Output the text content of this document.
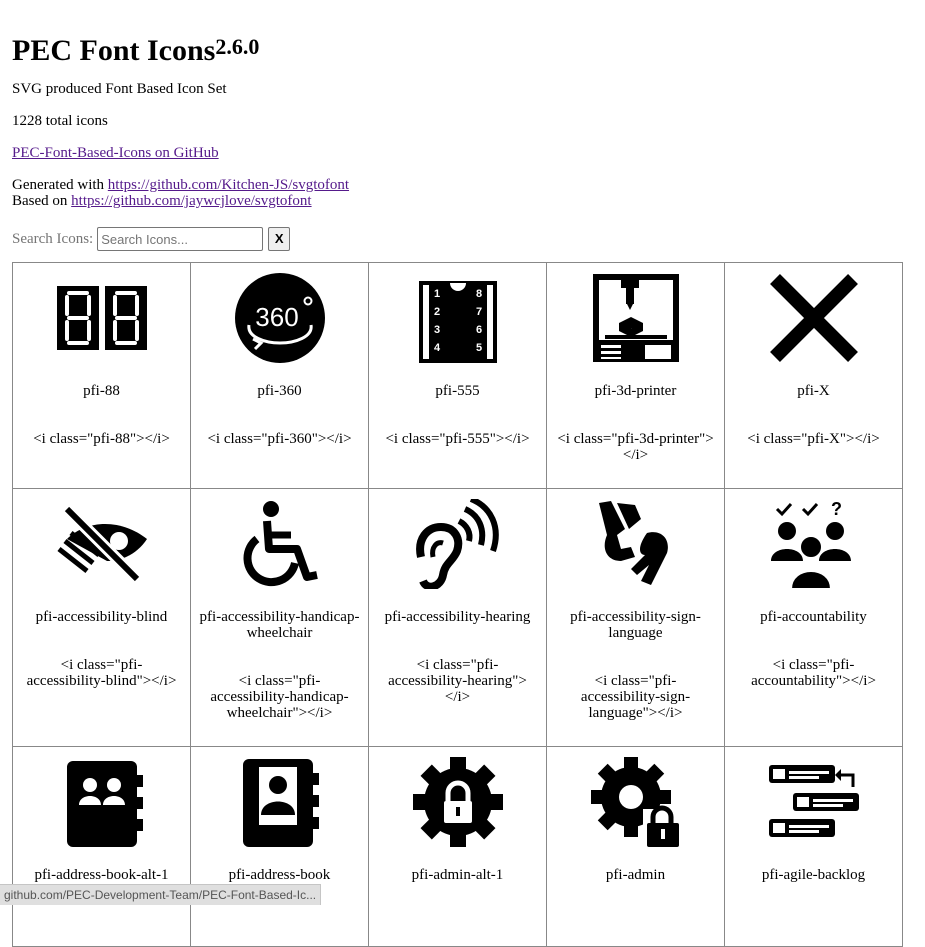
PEC Font Icons$^{2.6.0}$
SVG produced Font Based Icon Set
1228 total icons
PEC-Font-Based-Icons on GitHub
Generated with https://github.com/Kitchen-JS/svgtofont
Based on https://github.com/jaywcjlove/svgtofont
Search Icons:
Search Icons...	X
pfi-88
<i class="pfi-88"></i>
360
pfi-360
<i class="pfi-360"></i>
1
2
3
4
8
7
6
5
pfi-555
<i class="pfi-555"></i>
pfi-3d-printer
<i class="pfi-3d-printer"></i>
pfi-X
<i class="pfi-X"></i>
pfi-accessibility-blind
<i class="pfi-accessibility-blind"></i>
pfi-accessibility-handicap-wheelchair
<i class="pfi-accessibility-handicap-wheelchair"></i>
pfi-accessibility-hearing
<i class="pfi-accessibility-hearing"></i>
pfi-accessibility-sign-language
<i class="pfi-accessibility-sign-language"></i>
?
pfi-accountability
<i class="pfi-accountability"></i>
pfi-address-book-alt-1	pfi-address-book	pfi-admin-alt-1	pfi-admin	pfi-agile-backlog
github.com/PEC-Development-Team/PEC-Font-Based-Ic...
